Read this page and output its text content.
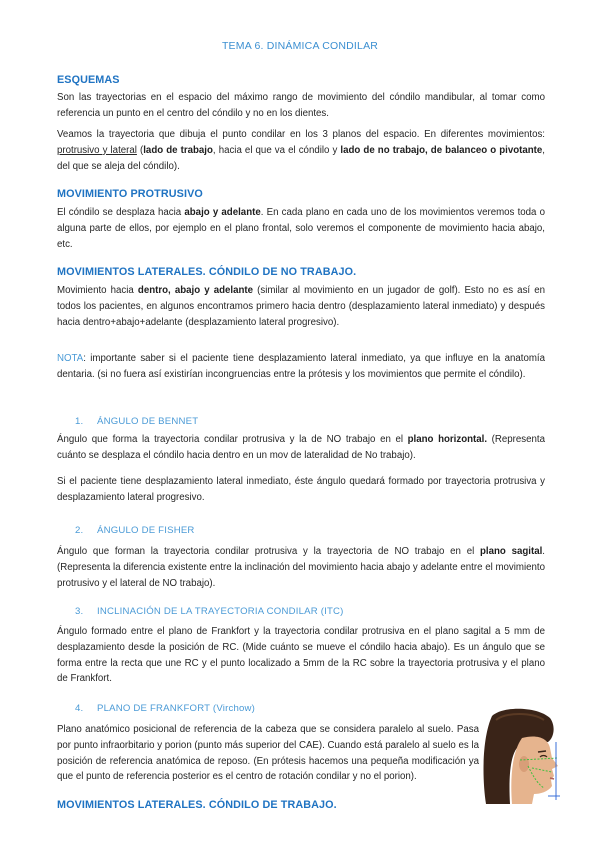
TEMA 6. DINÁMICA CONDILAR
ESQUEMAS
Son las trayectorias en el espacio del máximo rango de movimiento del cóndilo mandibular, al tomar como referencia un punto en el centro del cóndilo y no en los dientes.
Veamos la trayectoria que dibuja el punto condilar en los 3 planos del espacio. En diferentes movimientos: protrusivo y lateral (lado de trabajo, hacia el que va el cóndilo y lado de no trabajo, de balanceo o pivotante, del que se aleja del cóndilo).
MOVIMIENTO PROTRUSIVO
El cóndilo se desplaza hacia abajo y adelante. En cada plano en cada uno de los movimientos veremos toda o alguna parte de ellos, por ejemplo en el plano frontal, solo veremos el componente de movimiento hacia abajo, etc.
MOVIMIENTOS LATERALES. CÓNDILO DE NO TRABAJO.
Movimiento hacia dentro, abajo y adelante (similar al movimiento en un jugador de golf). Esto no es así en todos los pacientes, en algunos encontramos primero hacia dentro (desplazamiento lateral inmediato) y después hacia dentro+abajo+adelante (desplazamiento lateral progresivo).
NOTA: importante saber si el paciente tiene desplazamiento lateral inmediato, ya que influye en la anatomía dentaria. (si no fuera así existirían incongruencias entre la prótesis y los movimientos que permite el cóndilo).
1. ÁNGULO DE BENNET
Ángulo que forma la trayectoria condilar protrusiva y la de NO trabajo en el plano horizontal. (Representa cuánto se desplaza el cóndilo hacia dentro en un mov de lateralidad de No trabajo).
Si el paciente tiene desplazamiento lateral inmediato, éste ángulo quedará formado por trayectoria protrusiva y desplazamiento lateral progresivo.
2. ÁNGULO DE FISHER
Ángulo que forman la trayectoria condilar protrusiva y la trayectoria de NO trabajo en el plano sagital. (Representa la diferencia existente entre la inclinación del movimiento hacia abajo y adelante entre el movimiento protrusivo y el lateral de NO trabajo).
3. INCLINACIÓN DE LA TRAYECTORIA CONDILAR (ITC)
Ángulo formado entre el plano de Frankfort y la trayectoria condilar protrusiva en el plano sagital a 5 mm de desplazamiento desde la posición de RC. (Mide cuánto se mueve el cóndilo hacia abajo). Es un ángulo que se forma entre la recta que une RC y el punto localizado a 5mm de la RC sobre la trayectoria protrusiva y el plano de Frankfort.
4. PLANO DE FRANKFORT (Virchow)
Plano anatómico posicional de referencia de la cabeza que se considera paralelo al suelo. Pasa por punto infraorbitario y porion (punto más superior del CAE). Cuando está paralelo al suelo es la posición de referencia anatómica de reposo. (En prótesis hacemos una pequeña modificación ya que el punto de referencia posterior es el centro de rotación condilar y no el porion).
MOVIMIENTOS LATERALES. CÓNDILO DE TRABAJO.
